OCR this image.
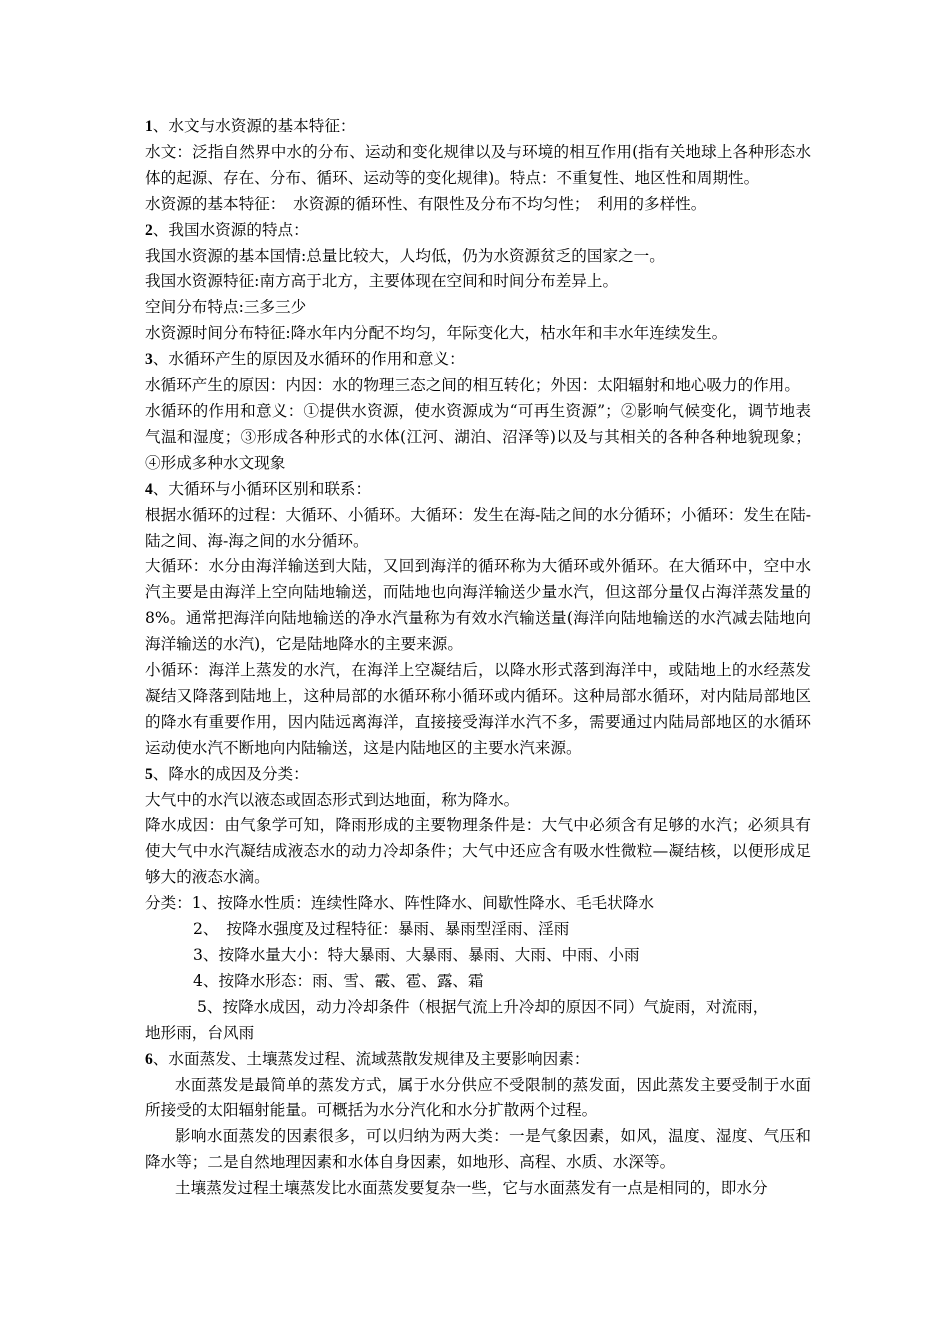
1、水文与水资源的基本特征：
水文：泛指自然界中水的分布、运动和变化规律以及与环境的相互作用(指有关地球上各种形态水体的起源、存在、分布、循环、运动等的变化规律)。特点：不重复性、地区性和周期性。
水资源的基本特征：　水资源的循环性、有限性及分布不均匀性；　利用的多样性。
2、我国水资源的特点：
我国水资源的基本国情:总量比较大，人均低，仍为水资源贫乏的国家之一。
我国水资源特征:南方高于北方，主要体现在空间和时间分布差异上。
空间分布特点:三多三少
水资源时间分布特征:降水年内分配不均匀，年际变化大，枯水年和丰水年连续发生。
3、水循环产生的原因及水循环的作用和意义：
水循环产生的原因：内因：水的物理三态之间的相互转化；外因：太阳辐射和地心吸力的作用。
水循环的作用和意义：①提供水资源，使水资源成为“可再生资源”；②影响气候变化，调节地表气温和湿度；③形成各种形式的水体(江河、湖泊、沼泽等)以及与其相关的各种各种地貌现象；④形成多种水文现象
4、大循环与小循环区别和联系：
根据水循环的过程：大循环、小循环。大循环：发生在海-陆之间的水分循环；小循环：发生在陆-陆之间、海-海之间的水分循环。
大循环：水分由海洋输送到大陆，又回到海洋的循环称为大循环或外循环。在大循环中，空中水汽主要是由海洋上空向陆地输送，而陆地也向海洋输送少量水汽，但这部分量仅占海洋蒸发量的 8%。通常把海洋向陆地输送的净水汽量称为有效水汽输送量(海洋向陆地输送的水汽减去陆地向海洋输送的水汽)，它是陆地降水的主要来源。
小循环：海洋上蒸发的水汽，在海洋上空凝结后，以降水形式落到海洋中，或陆地上的水经蒸发凝结又降落到陆地上，这种局部的水循环称小循环或内循环。这种局部水循环，对内陆局部地区的降水有重要作用，因内陆远离海洋，直接接受海洋水汽不多，需要通过内陆局部地区的水循环运动使水汽不断地向内陆输送，这是内陆地区的主要水汽来源。
5、降水的成因及分类：
大气中的水汽以液态或固态形式到达地面，称为降水。
降水成因：由气象学可知，降雨形成的主要物理条件是：大气中必须含有足够的水汽；必须具有使大气中水汽凝结成液态水的动力冷却条件；大气中还应含有吸水性微粒—凝结核，以便形成足够大的液态水滴。
分类：1、按降水性质：连续性降水、阵性降水、间歇性降水、毛毛状降水
2、　按降水强度及过程特征：暴雨、暴雨型淫雨、淫雨
3、按降水量大小：特大暴雨、大暴雨、暴雨、大雨、中雨、小雨
4、按降水形态：雨、雪、霰、雹、露、霜
5、按降水成因，动力冷却条件（根据气流上升冷却的原因不同）气旋雨，对流雨，
地形雨，台风雨
6、水面蒸发、土壤蒸发过程、流域蒸散发规律及主要影响因素：
水面蒸发是最简单的蒸发方式，属于水分供应不受限制的蒸发面，因此蒸发主要受制于水面所接受的太阳辐射能量。可概括为水分汽化和水分扩散两个过程。
影响水面蒸发的因素很多，可以归纳为两大类：一是气象因素，如风，温度、湿度、气压和降水等；二是自然地理因素和水体自身因素，如地形、高程、水质、水深等。
土壤蒸发过程土壤蒸发比水面蒸发要复杂一些，它与水面蒸发有一点是相同的，即水分
